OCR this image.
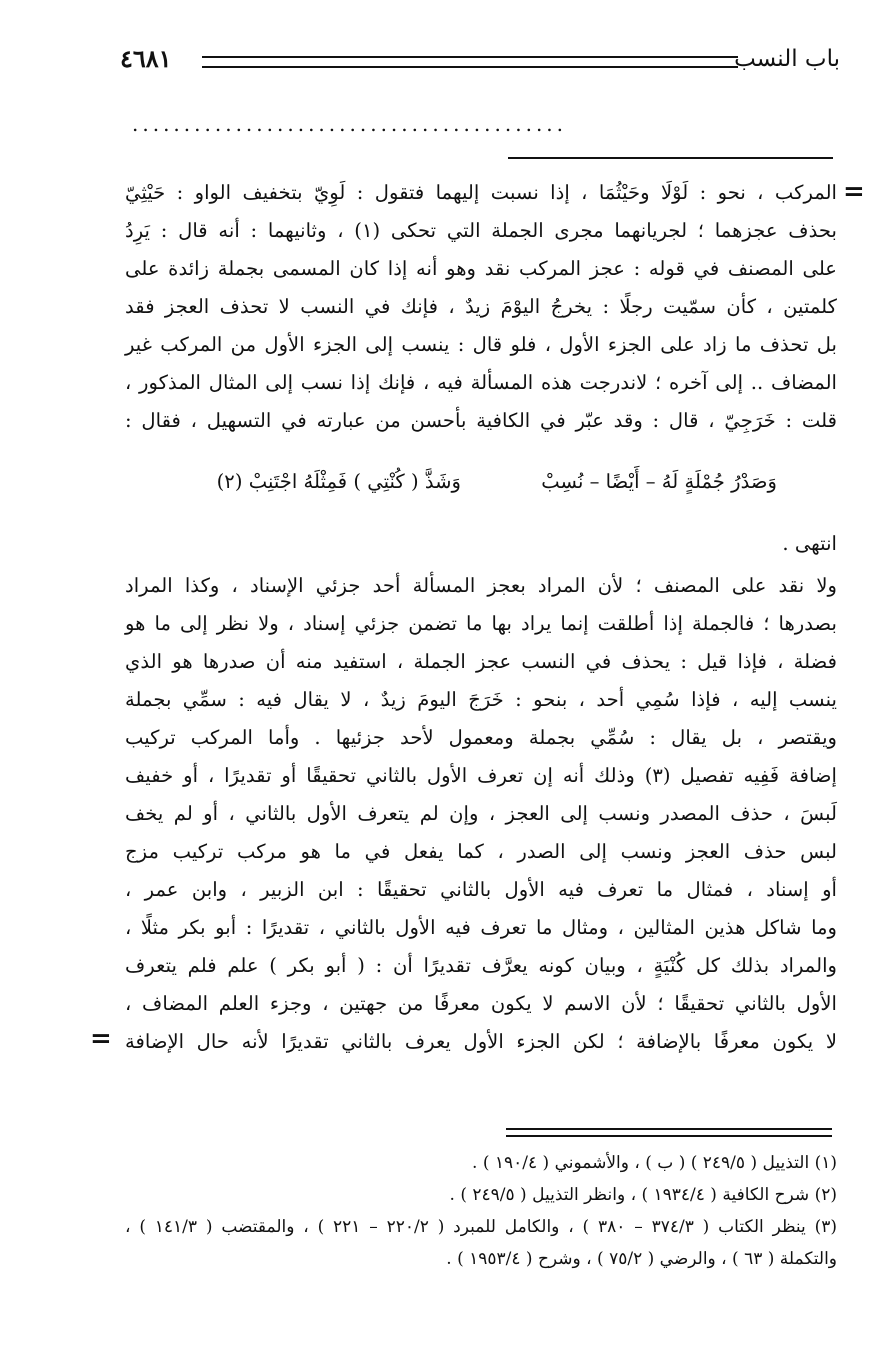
باب النسب
٤٦٨١
..........................................
=
المركب ، نحو : لَوْلَا وحَيْثُمَا ، إذا نسبت إليهما فتقول : لَوِيّ بتخفيف الواو : حَيْثِيّ
بحذف عجزهما ؛ لجريانهما مجرى الجملة التي تحكى (١) ، وثانيهما : أنه قال : يَرِدُ
على المصنف في قوله : عجز المركب نقد وهو أنه إذا كان المسمى بجملة زائدة على
كلمتين ، كأن سمّيت رجلًا : يخرجُ اليوْمَ زيدٌ ، فإنك في النسب لا تحذف العجز فقد
بل تحذف ما زاد على الجزء الأول ، فلو قال : ينسب إلى الجزء الأول من المركب غير
المضاف .. إلى آخره ؛ لاندرجت هذه المسألة فيه ، فإنك إذا نسب إلى المثال المذكور ،
قلت : خَرَجِيّ ، قال : وقد عبّر في الكافية بأحسن من عبارته في التسهيل ، فقال :
وَصَدْرُ جُمْلَةٍ لَهُ – أَيْضًا – نُسِبْ
وَشَذَّ ( كُنْتِي ) فَمِثْلَهُ اجْتَنِبْ (٢)
انتهى .
ولا نقد على المصنف ؛ لأن المراد بعجز المسألة أحد جزئي الإسناد ، وكذا المراد
بصدرها ؛ فالجملة إذا أطلقت إنما يراد بها ما تضمن جزئي إسناد ، ولا نظر إلى ما هو
فضلة ، فإذا قيل : يحذف في النسب عجز الجملة ، استفيد منه أن صدرها هو الذي
ينسب إليه ، فإذا سُمِي أحد ، بنحو : خَرَجَ اليومَ زيدٌ ، لا يقال فيه : سمِّي بجملة
ويقتصر ، بل يقال : سُمِّي بجملة ومعمول لأحد جزئيها . وأما المركب تركيب
إضافة فَفِيه تفصيل (٣) وذلك أنه إن تعرف الأول بالثاني تحقيقًا أو تقديرًا ، أو خفيف
لَبسَ ، حذف المصدر ونسب إلى العجز ، وإن لم يتعرف الأول بالثاني ، أو لم يخف
لبس حذف العجز ونسب إلى الصدر ، كما يفعل في ما هو مركب تركيب مزج
أو إسناد ، فمثال ما تعرف فيه الأول بالثاني تحقيقًا : ابن الزبير ، وابن عمر ،
وما شاكل هذين المثالين ، ومثال ما تعرف فيه الأول بالثاني ، تقديرًا : أبو بكر مثلًا ،
والمراد بذلك كل كُنْيَةٍ ، وبيان كونه يعرَّف تقديرًا أن : ( أبو بكر ) علم فلم يتعرف
الأول بالثاني تحقيقًا ؛ لأن الاسم لا يكون معرفًا من جهتين ، وجزء العلم المضاف ،
لا يكون معرفًا بالإضافة ؛ لكن الجزء الأول يعرف بالثاني تقديرًا لأنه حال الإضافة
=
(١) التذييل ( ٢٤٩/٥ ) ( ب ) ، والأشموني ( ١٩٠/٤ ) .
(٢) شرح الكافية ( ١٩٣٤/٤ ) ، وانظر التذييل ( ٢٤٩/٥ ) .
(٣) ينظر الكتاب ( ٣٧٤/٣ – ٣٨٠ ) ، والكامل للمبرد ( ٢٢٠/٢ – ٢٢١ ) ، والمقتضب ( ١٤١/٣ ) ،
والتكملة ( ٦٣ ) ، والرضي ( ٧٥/٢ ) ، وشرح ( ١٩٥٣/٤ ) .
